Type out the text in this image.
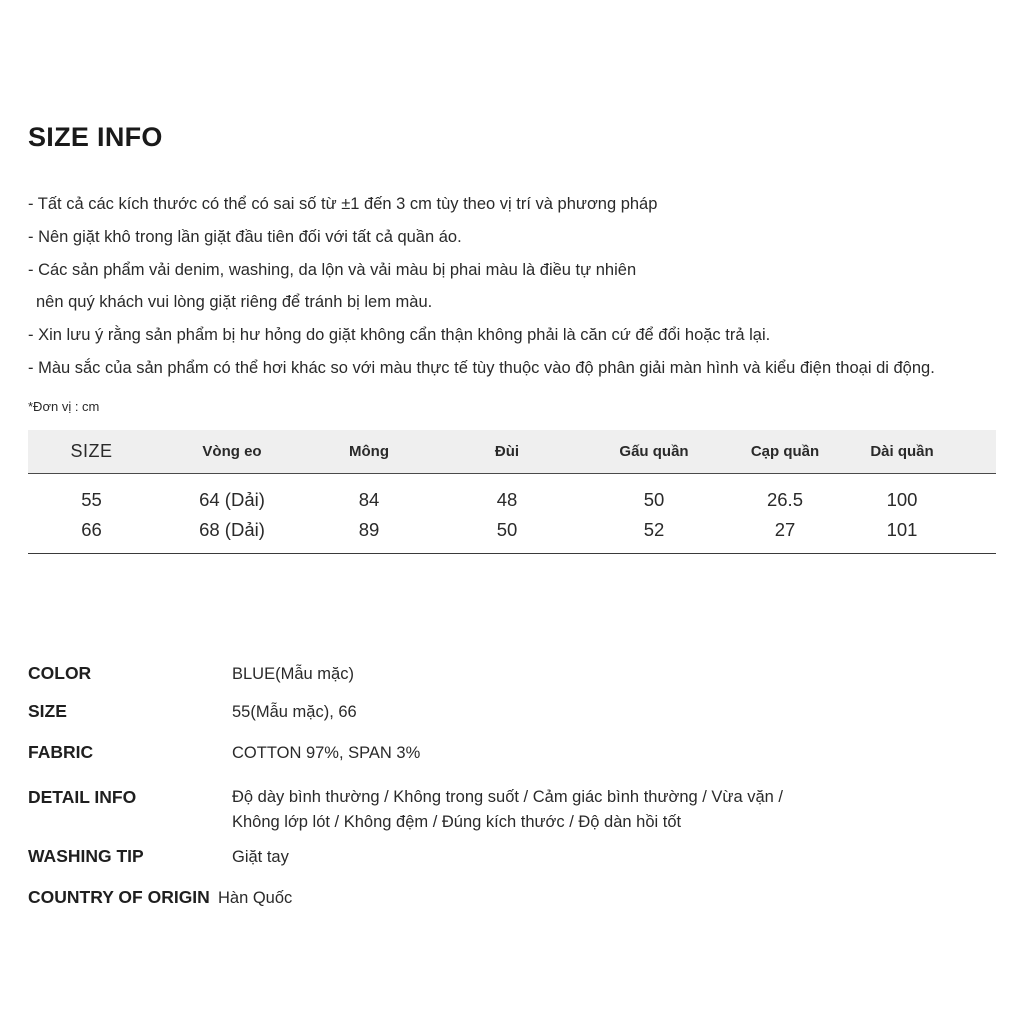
SIZE INFO
- Tất cả các kích thước có thể có sai số từ ±1 đến 3 cm tùy theo vị trí và phương pháp
- Nên giặt khô trong lần giặt đầu tiên đối với tất cả quần áo.
- Các sản phẩm vải denim, washing, da lộn và vải màu bị phai màu là điều tự nhiên
nên quý khách vui lòng giặt riêng để tránh bị lem màu.
- Xin lưu ý rằng sản phẩm bị hư hỏng do giặt không cẩn thận không phải là căn cứ để đổi hoặc trả lại.
- Màu sắc của sản phẩm có thể hơi khác so với màu thực tế tùy thuộc vào độ phân giải màn hình và kiểu điện thoại di động.
*Đơn vị : cm
SIZE	Vòng eo	Mông	Đùi	Gấu quần	Cạp quần	Dài quần	
55	64 (Dải)	84	48	50	26.5	100	
66	68 (Dải)	89	50	52	27	101	
COLOR	BLUE(Mẫu mặc)
SIZE	55(Mẫu mặc), 66
FABRIC	COTTON 97%, SPAN 3%
DETAIL INFO	Độ dày bình thường / Không trong suốt / Cảm giác bình thường / Vừa vặn /
Không lớp lót / Không đệm / Đúng kích thước / Độ dàn hồi tốt
WASHING TIP	Giặt tay
COUNTRY OF ORIGIN Hàn Quốc
